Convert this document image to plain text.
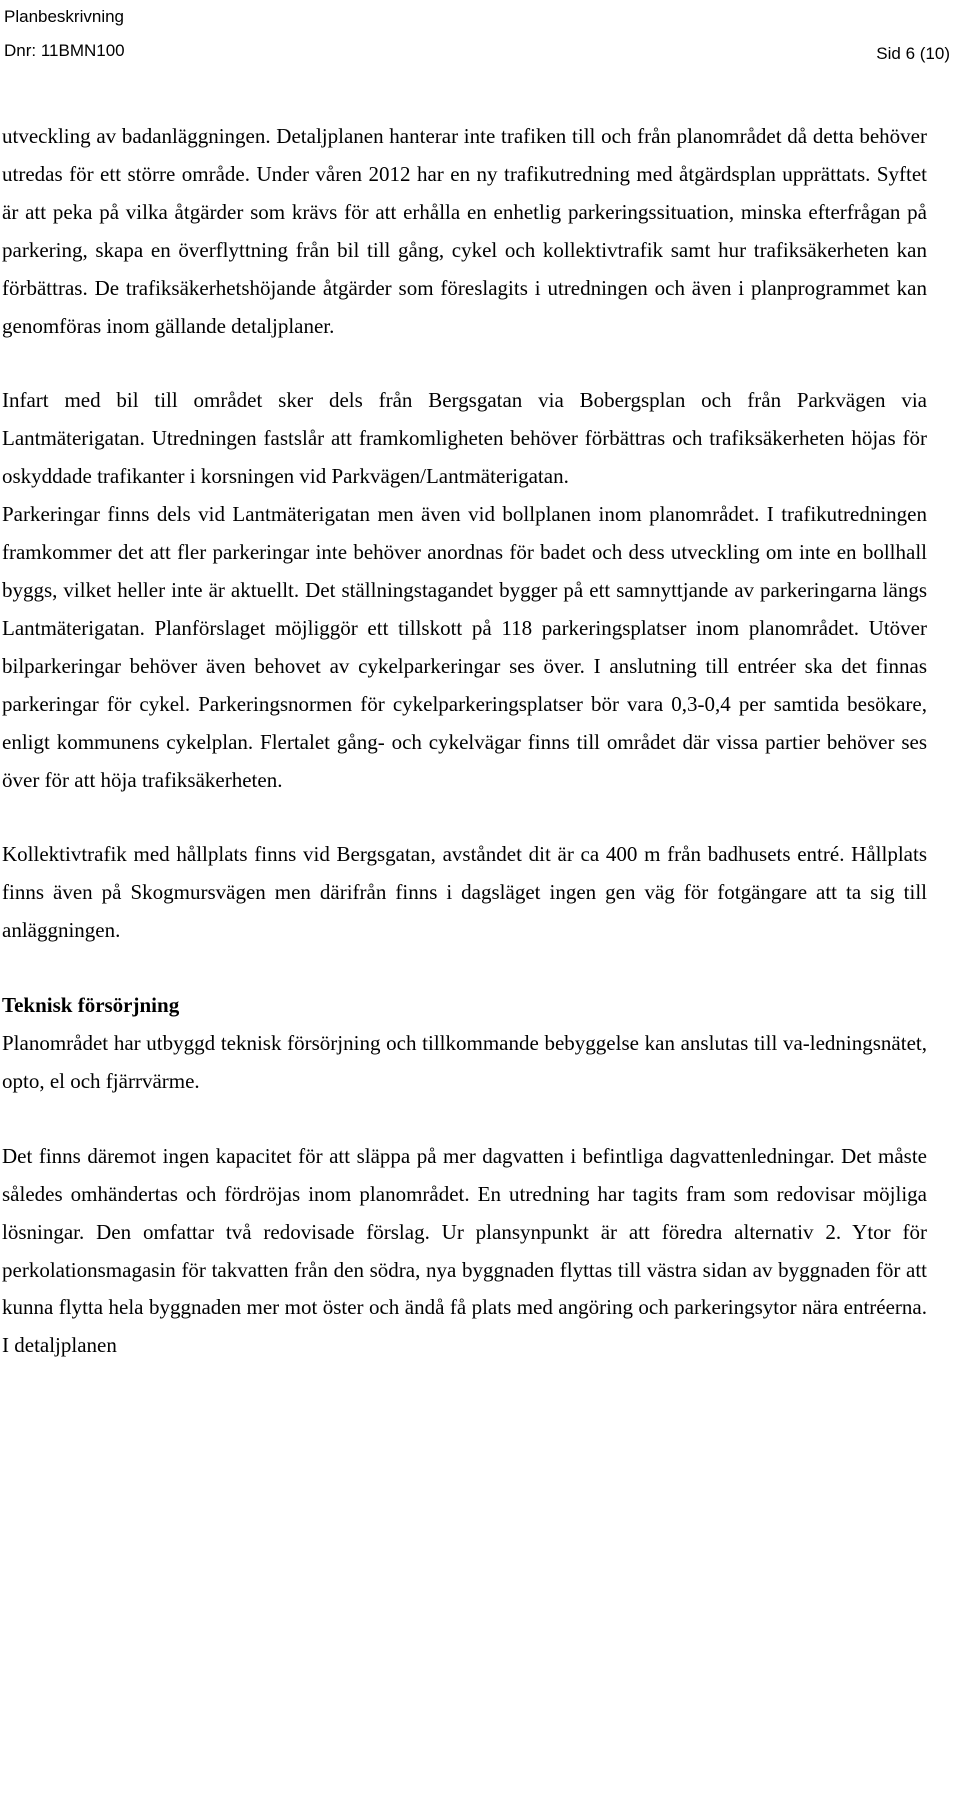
Planbeskrivning
Dnr: 11BMN100	Sid 6 (10)

utveckling av badanläggningen. Detaljplanen hanterar inte trafiken till och från planområdet då detta behöver utredas för ett större område. Under våren 2012 har en ny trafikutredning med åtgärdsplan upprättats. Syftet är att peka på vilka åtgärder som krävs för att erhålla en enhetlig parkeringssituation, minska efterfrågan på parkering, skapa en överflyttning från bil till gång, cykel och kollektivtrafik samt hur trafiksäkerheten kan förbättras. De trafiksäkerhetshöjande åtgärder som föreslagits i utredningen och även i planprogrammet kan genomföras inom gällande detaljplaner.

Infart med bil till området sker dels från Bergsgatan via Bobergsplan och från Parkvägen via Lantmäterigatan. Utredningen fastslår att framkomligheten behöver förbättras och trafiksäkerheten höjas för oskyddade trafikanter i korsningen vid Parkvägen/Lantmäterigatan.

Parkeringar finns dels vid Lantmäterigatan men även vid bollplanen inom planområdet. I trafikutredningen framkommer det att fler parkeringar inte behöver anordnas för badet och dess utveckling om inte en bollhall byggs, vilket heller inte är aktuellt. Det ställningstagandet bygger på ett samnyttjande av parkeringarna längs Lantmäterigatan. Planförslaget möjliggör ett tillskott på 118 parkeringsplatser inom planområdet. Utöver bilparkeringar behöver även behovet av cykelparkeringar ses över. I anslutning till entréer ska det finnas parkeringar för cykel. Parkeringsnormen för cykelparkeringsplatser bör vara 0,3-0,4 per samtida besökare, enligt kommunens cykelplan. Flertalet gång- och cykelvägar finns till området där vissa partier behöver ses över för att höja trafiksäkerheten.

Kollektivtrafik med hållplats finns vid Bergsgatan, avståndet dit är ca 400 m från badhusets entré. Hållplats finns även på Skogmursvägen men därifrån finns i dagsläget ingen gen väg för fotgängare att ta sig till anläggningen.

Teknisk försörjning

Planområdet har utbyggd teknisk försörjning och tillkommande bebyggelse kan anslutas till va-ledningsnätet, opto, el och fjärrvärme.

Det finns däremot ingen kapacitet för att släppa på mer dagvatten i befintliga dagvattenledningar. Det måste således omhändertas och fördröjas inom planområdet. En utredning har tagits fram som redovisar möjliga lösningar. Den omfattar två redovisade förslag. Ur plansynpunkt är att föredra alternativ 2. Ytor för perkolationsmagasin för takvatten från den södra, nya byggnaden flyttas till västra sidan av byggnaden för att kunna flytta hela byggnaden mer mot öster och ändå få plats med angöring och parkeringsytor nära entréerna. I detaljplanen
